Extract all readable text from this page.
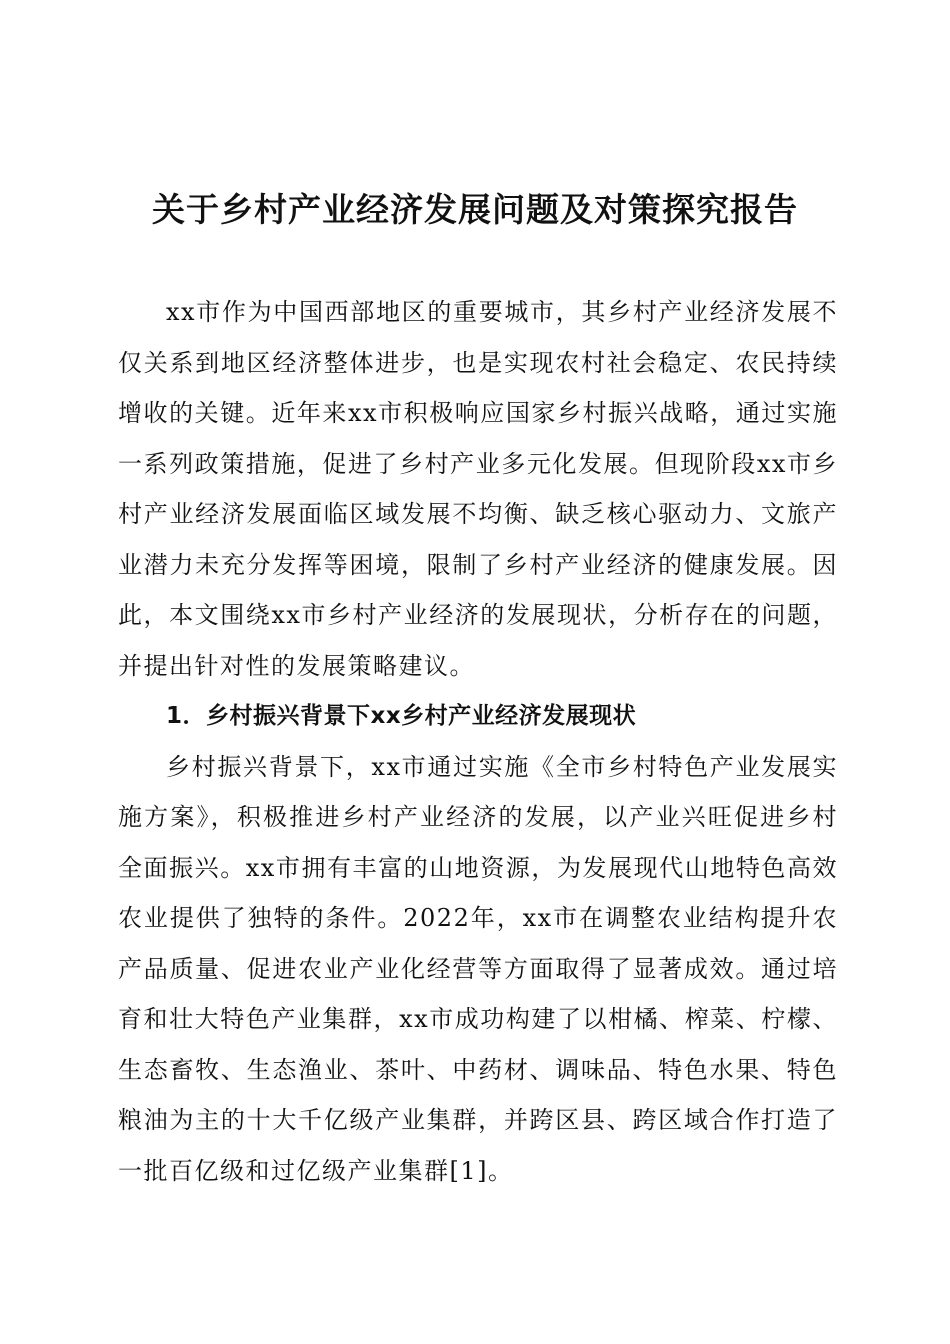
关于乡村产业经济发展问题及对策探究报告

xx市作为中国西部地区的重要城市，其乡村产业经济发展不仅关系到地区经济整体进步，也是实现农村社会稳定、农民持续增收的关键。近年来xx市积极响应国家乡村振兴战略，通过实施一系列政策措施，促进了乡村产业多元化发展。但现阶段xx市乡村产业经济发展面临区域发展不均衡、缺乏核心驱动力、文旅产业潜力未充分发挥等困境，限制了乡村产业经济的健康发展。因此，本文围绕xx市乡村产业经济的发展现状，分析存在的问题，并提出针对性的发展策略建议。

1．乡村振兴背景下xx乡村产业经济发展现状

乡村振兴背景下，xx市通过实施《全市乡村特色产业发展实施方案》，积极推进乡村产业经济的发展，以产业兴旺促进乡村全面振兴。xx市拥有丰富的山地资源，为发展现代山地特色高效农业提供了独特的条件。2022年，xx市在调整农业结构提升农产品质量、促进农业产业化经营等方面取得了显著成效。通过培育和壮大特色产业集群，xx市成功构建了以柑橘、榨菜、柠檬、生态畜牧、生态渔业、茶叶、中药材、调味品、特色水果、特色粮油为主的十大千亿级产业集群，并跨区县、跨区域合作打造了一批百亿级和过亿级产业集群[1]。
